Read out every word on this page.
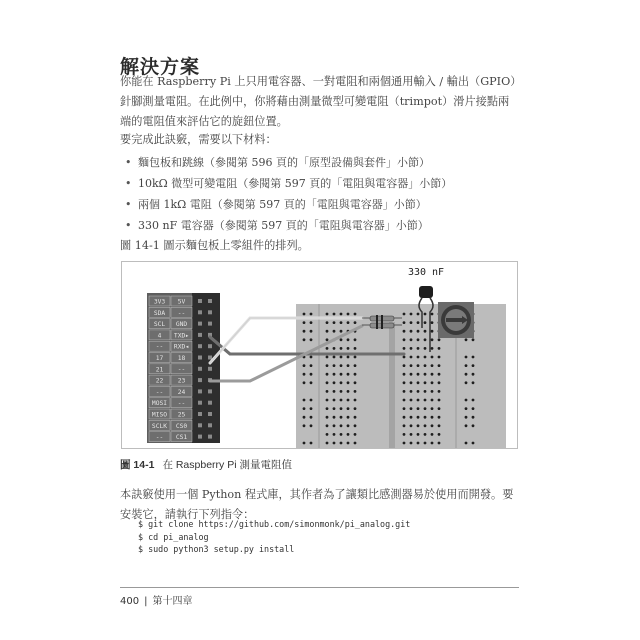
解決方案
你能在 Raspberry Pi 上只用電容器、一對電阻和兩個通用輸入 / 輸出（GPIO）針腳測量電阻。在此例中，你將藉由測量微型可變電阻（trimpot）滑片接點兩端的電阻值來評估它的旋鈕位置。
要完成此訣竅，需要以下材料：
• 麵包板和跳線（參閱第 596 頁的「原型設備與套件」小節）
• 10kΩ 微型可變電阻（參閱第 597 頁的「電阻與電容器」小節）
• 兩個 1kΩ 電阻（參閱第 597 頁的「電阻與電容器」小節）
• 330 nF 電容器（參閱第 597 頁的「電阻與電容器」小節）
圖 14-1 圖示麵包板上零組件的排列。
3V3 5V
SDA --
SCL GND
4 TXD▸
-- RXD◂
17 18
21 --
22 23
-- 24
MOSI --
MISO 25
SCLK CS0
-- CS1
330 nF
圖 14-1 在 Raspberry Pi 測量電阻值
本訣竅使用一個 Python 程式庫，其作者為了讓類比感測器易於使用而開發。要安裝它，請執行下列指令：
$ git clone https://github.com/simonmonk/pi_analog.git
$ cd pi_analog
$ sudo python3 setup.py install
400 | 第十四章
